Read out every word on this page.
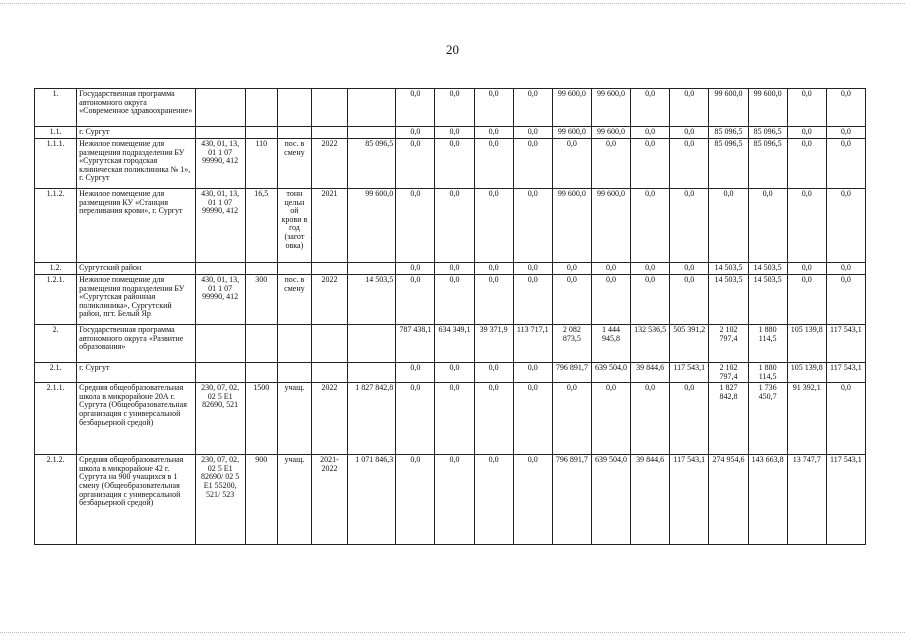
20
1.	Государственная программа автономного округа «Современное здравоохранение»						0,0	0,0	0,0	0,0	99 600,0	99 600,0	0,0	0,0	99 600,0	99 600,0	0,0	0,0
1.1.	г. Сургут						0,0	0,0	0,0	0,0	99 600,0	99 600,0	0,0	0,0	85 096,5	85 096,5	0,0	0,0
1.1.1.	Нежилое помещение для размещения подразделения БУ «Сургутская городская клиническая поликлиника № 1», г. Сургут	430, 01, 13, 01 1 07 99990, 412	110	пос. в смену	2022	85 096,5	0,0	0,0	0,0	0,0	0,0	0,0	0,0	0,0	85 096,5	85 096,5	0,0	0,0
1.1.2.	Нежилое помещение для размещения КУ «Станция переливания крови», г. Сургут	430, 01, 13, 01 1 07 99990, 412	16,5	тонн цельн ой крови в год (загот овка)	2021	99 600,0	0,0	0,0	0,0	0,0	99 600,0	99 600,0	0,0	0,0	0,0	0,0	0,0	0,0
1.2.	Сургутский район						0,0	0,0	0,0	0,0	0,0	0,0	0,0	0,0	14 503,5	14 503,5	0,0	0,0
1.2.1.	Нежилое помещение для размещения подразделения БУ «Сургутская районная поликлиника», Сургутский район, пгт. Белый Яр	430, 01, 13, 01 1 07 99990, 412	300	пос. в смену	2022	14 503,5	0,0	0,0	0,0	0,0	0,0	0,0	0,0	0,0	14 503,5	14 503,5	0,0	0,0
2.	Государственная программа автономного округа «Развитие образования»						787 438,1	634 349,1	39 371,9	113 717,1	2 082 873,5	1 444 945,8	132 536,5	505 391,2	2 102 797,4	1 880 114,5	105 139,8	117 543,1
2.1.	г. Сургут						0,0	0,0	0,0	0,0	796 891,7	639 504,0	39 844,6	117 543,1	2 102 797,4	1 880 114,5	105 139,8	117 543,1
2.1.1.	Средняя общеобразовательная школа в микрорайоне 20А г. Сургута (Общеобразовательная организация с универсальной безбарьерной средой)	230, 07, 02, 02 5 E1 82690, 521	1500	учащ.	2022	1 827 842,8	0,0	0,0	0,0	0,0	0,0	0,0	0,0	0,0	1 827 842,8	1 736 450,7	91 392,1	0,0
2.1.2.	Средняя общеобразовательная школа в микрорайоне 42 г. Сургута на 900 учащихся в 1 смену (Общеобразовательная организация с универсальной безбарьерной средой)	230, 07, 02, 02 5 E1 82690/ 02 5 E1 55200, 521/ 523	900	учащ.	2021-2022	1 071 846,3	0,0	0,0	0,0	0,0	796 891,7	639 504,0	39 844,6	117 543,1	274 954,6	143 663,8	13 747,7	117 543,1
